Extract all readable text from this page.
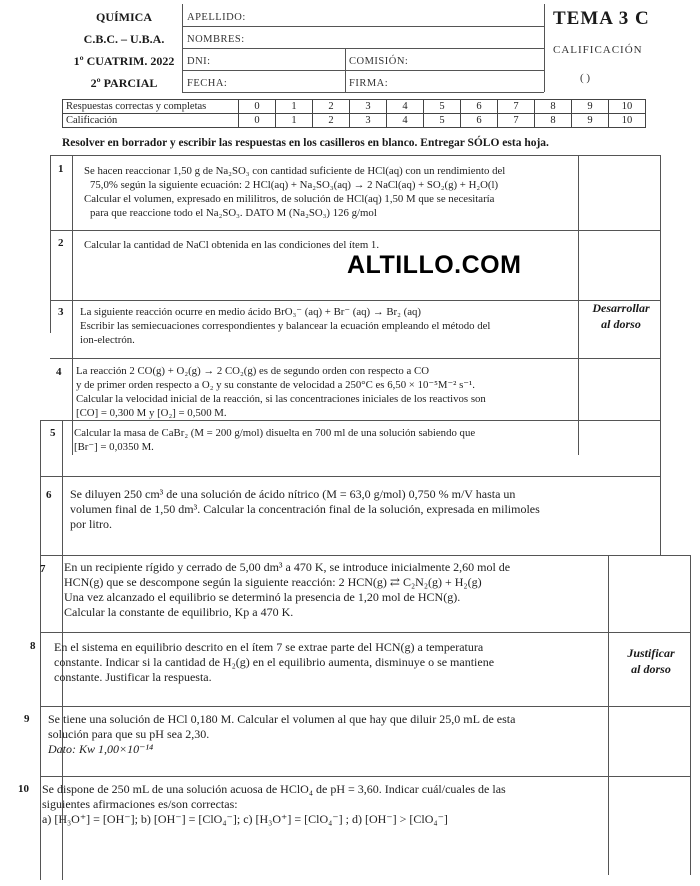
QUÍMICA
C.B.C. – U.B.A.
1º CUATRIM. 2022
2º PARCIAL
APELLIDO:
NOMBRES:
DNI:	COMISIÓN:
FECHA:	FIRMA:
TEMA 3 C
CALIFICACIÓN
( )
Respuestas correctas y completas	0	1	2	3	4	5	6	7	8	9	10
Calificación	0	1	2	3	4	5	6	7	8	9	10
Resolver en borrador y escribir las respuestas en los casilleros en blanco. Entregar SÓLO esta hoja.
1 Se hacen reaccionar 1,50 g de Na₂SO₃ con cantidad suficiente de HCl(aq) con un rendimiento del
75,0% según la siguiente ecuación: 2 HCl(aq) + Na₂SO₃(aq) → 2 NaCl(aq) + SO₂(g) + H₂O(l)
Calcular el volumen, expresado en mililitros, de solución de HCl(aq) 1,50 M que se necesitaría
para que reaccione todo el Na₂SO₃. DATO M (Na₂SO₃) 126 g/mol
2 Calcular la cantidad de NaCl obtenida en las condiciones del ítem 1.
ALTILLO.COM
3 La siguiente reacción ocurre en medio ácido BrO₃⁻ (aq) + Br⁻ (aq) → Br₂ (aq)
Escribir las semiecuaciones correspondientes y balancear la ecuación empleando el método del
ion-electrón.
Desarrollar
al dorso
4 La reacción 2 CO(g) + O₂(g) → 2 CO₂(g) es de segundo orden con respecto a CO
y de primer orden respecto a O₂ y su constante de velocidad a 250°C es 6,50 × 10⁻⁵M⁻² s⁻¹.
Calcular la velocidad inicial de la reacción, si las concentraciones iniciales de los reactivos son
[CO] = 0,300 M y [O₂] = 0,500 M.
5 Calcular la masa de CaBr₂ (M = 200 g/mol) disuelta en 700 ml de una solución sabiendo que
[Br⁻] = 0,0350 M.
6 Se diluyen 250 cm³ de una solución de ácido nítrico (M = 63,0 g/mol) 0,750 % m/V hasta un
volumen final de 1,50 dm³. Calcular la concentración final de la solución, expresada en milimoles
por litro.
7 En un recipiente rígido y cerrado de 5,00 dm³ a 470 K, se introduce inicialmente 2,60 mol de
HCN(g) que se descompone según la siguiente reacción: 2 HCN(g) ⇄ C₂N₂(g) + H₂(g)
Una vez alcanzado el equilibrio se determinó la presencia de 1,20 mol de HCN(g).
Calcular la constante de equilibrio, Kp a 470 K.
8 En el sistema en equilibrio descrito en el ítem 7 se extrae parte del HCN(g) a temperatura
constante. Indicar si la cantidad de H₂(g) en el equilibrio aumenta, disminuye o se mantiene
constante. Justificar la respuesta.
Justificar
al dorso
9 Se tiene una solución de HCl 0,180 M. Calcular el volumen al que hay que diluir 25,0 mL de esta
solución para que su pH sea 2,30.
Dato: Kw 1,00×10⁻¹⁴
10 Se dispone de 250 mL de una solución acuosa de HClO₄ de pH = 3,60. Indicar cuál/cuales de las
siguientes afirmaciones es/son correctas:
a) [H₃O⁺] = [OH⁻]; b) [OH⁻] = [ClO₄⁻]; c) [H₃O⁺] = [ClO₄⁻] ; d) [OH⁻] > [ClO₄⁻]
